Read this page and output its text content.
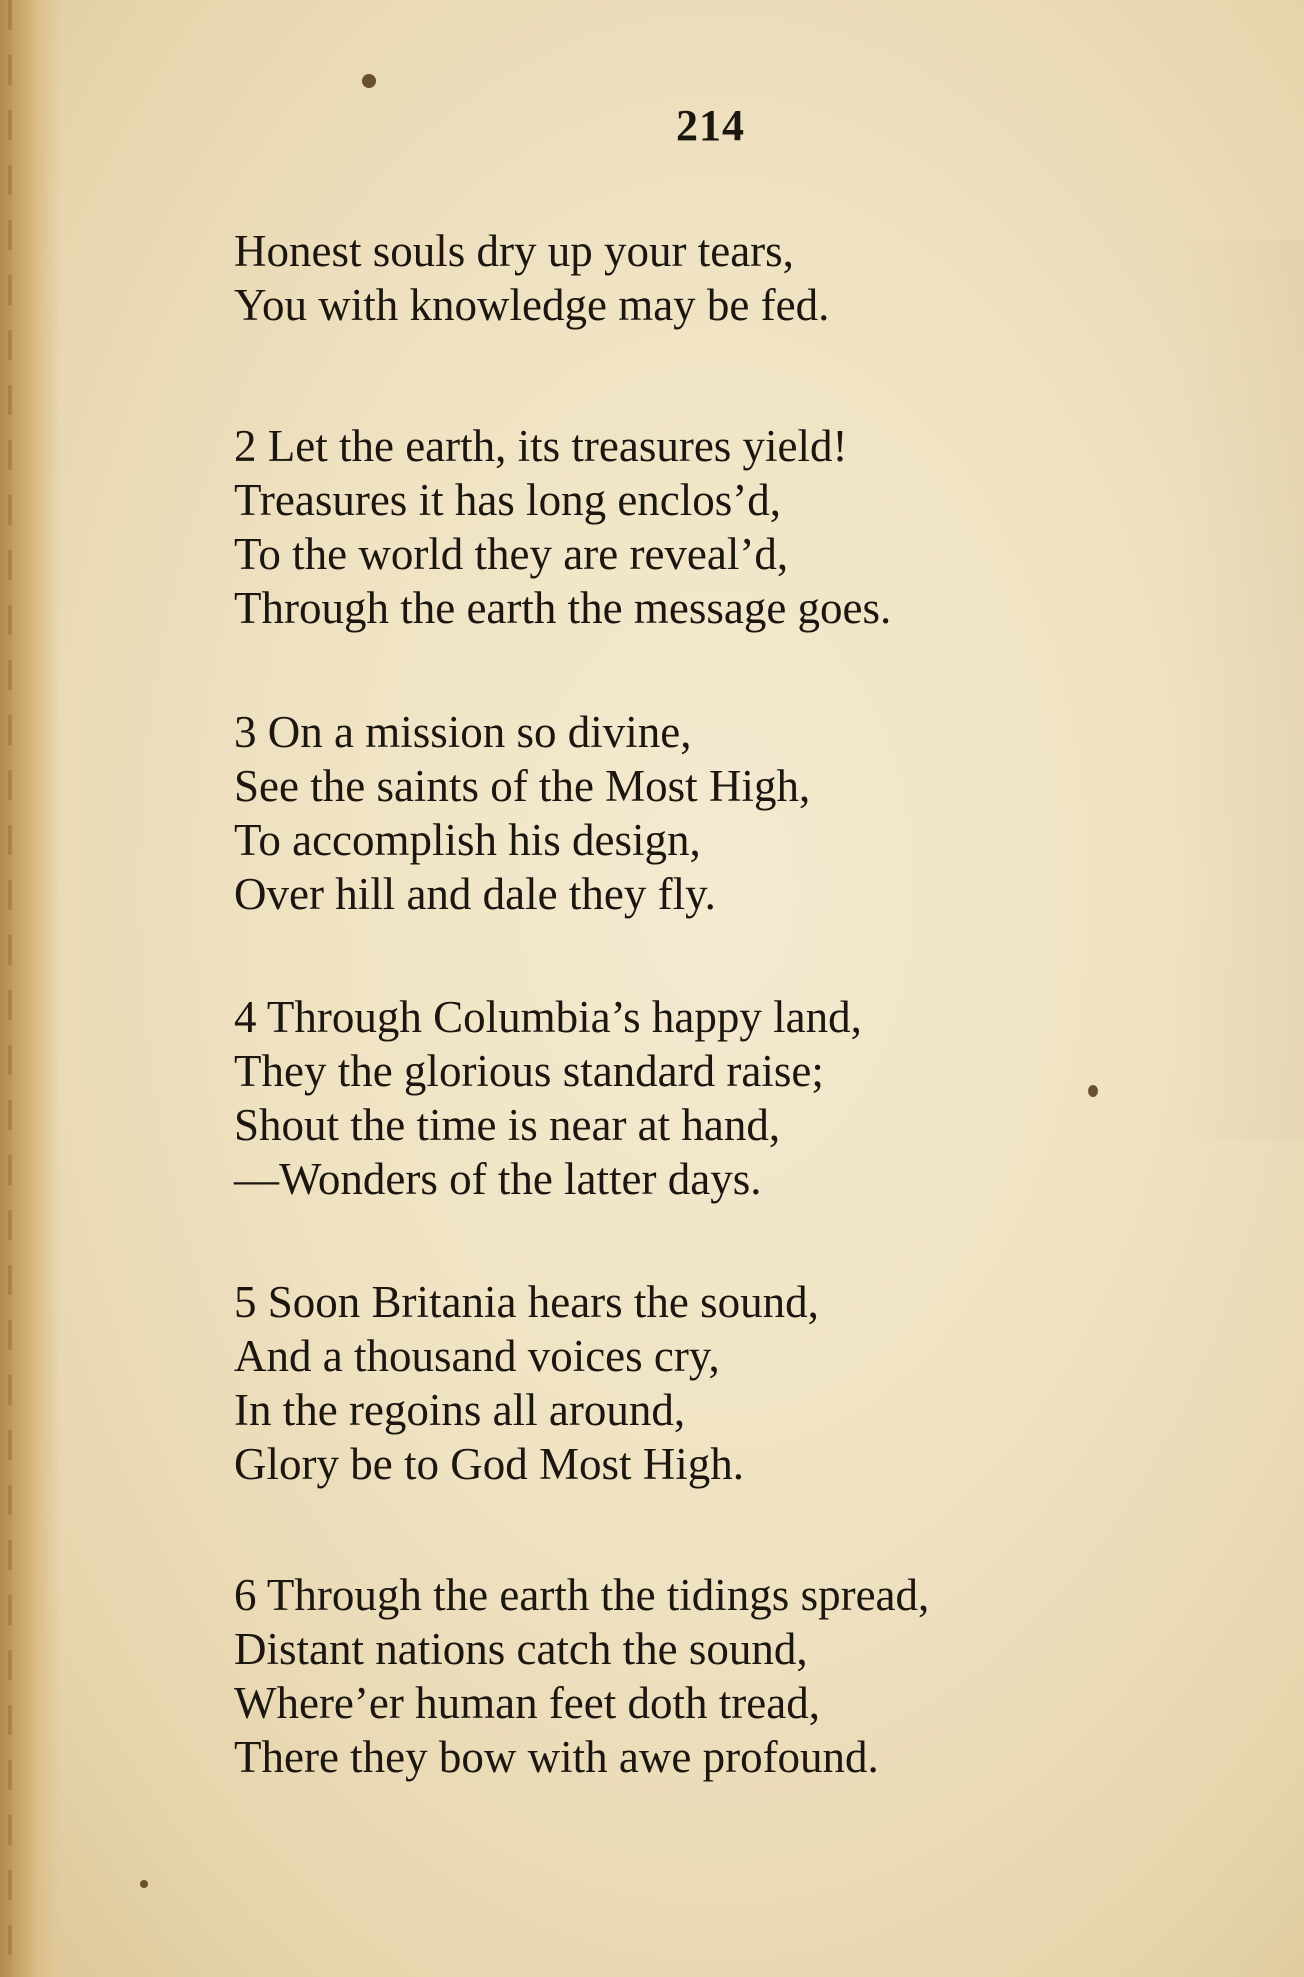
214
Honest souls dry up your tears,
You with knowledge may be fed.
2 Let the earth, its treasures yield!
Treasures it has long enclos’d,
To the world they are reveal’d,
Through the earth the message goes.
3 On a mission so divine,
See the saints of the Most High,
To accomplish his design,
Over hill and dale they fly.
4 Through Columbia’s happy land,
They the glorious standard raise;
Shout the time is near at hand,
—Wonders of the latter days.
5 Soon Britania hears the sound,
And a thousand voices cry,
In the regoins all around,
Glory be to God Most High.
6 Through the earth the tidings spread,
Distant nations catch the sound,
Where’er human feet doth tread,
There they bow with awe profound.
